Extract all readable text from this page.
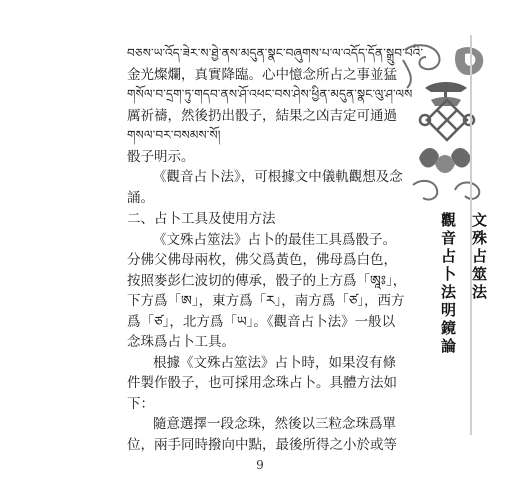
བཅས་ཡ་འོད་ཟེར་ས་ཐྱེ་ནས་མདུན་སྣང་བཞུགས་པ་ལ་འདོད་དོན་སྒྲུབ་པའི་
金光燦爛，真實降臨。心中憶念所占之事並猛
གསོལ་བ་དྲག་ཏུ་གདབ་ནས་ཤོ་འཕང་བས་ཤེས་ཕྱིན་མདུན་སྣང་ལུ་ཤ་ལས
厲祈禱，然後扔出骰子，結果之凶吉定可通過
གསལ་བར་བསམས་སོ།
骰子明示。
《觀音占卜法》，可根據文中儀軌觀想及念
誦。
二、占卜工具及使用方法
《文殊占筮法》占卜的最佳工具爲骰子。
分佛父佛母兩枚，佛父爲黃色，佛母爲白色，
按照麥彭仁波切的傳承，骰子的上方爲「ཨཱཿ」，
下方爲「ཨ」，東方爲「ར」，南方爲「ཙ」，西方
爲「ཙ」，北方爲「ཡ」。《觀音占卜法》一般以
念珠爲占卜工具。
根據《文殊占筮法》占卜時，如果沒有條
件製作骰子，也可採用念珠占卜。具體方法如
下：
隨意選擇一段念珠，然後以三粒念珠爲單
位，兩手同時撥向中點，最後所得之小於或等
文殊占筮法
觀音占卜法明鏡論
9
